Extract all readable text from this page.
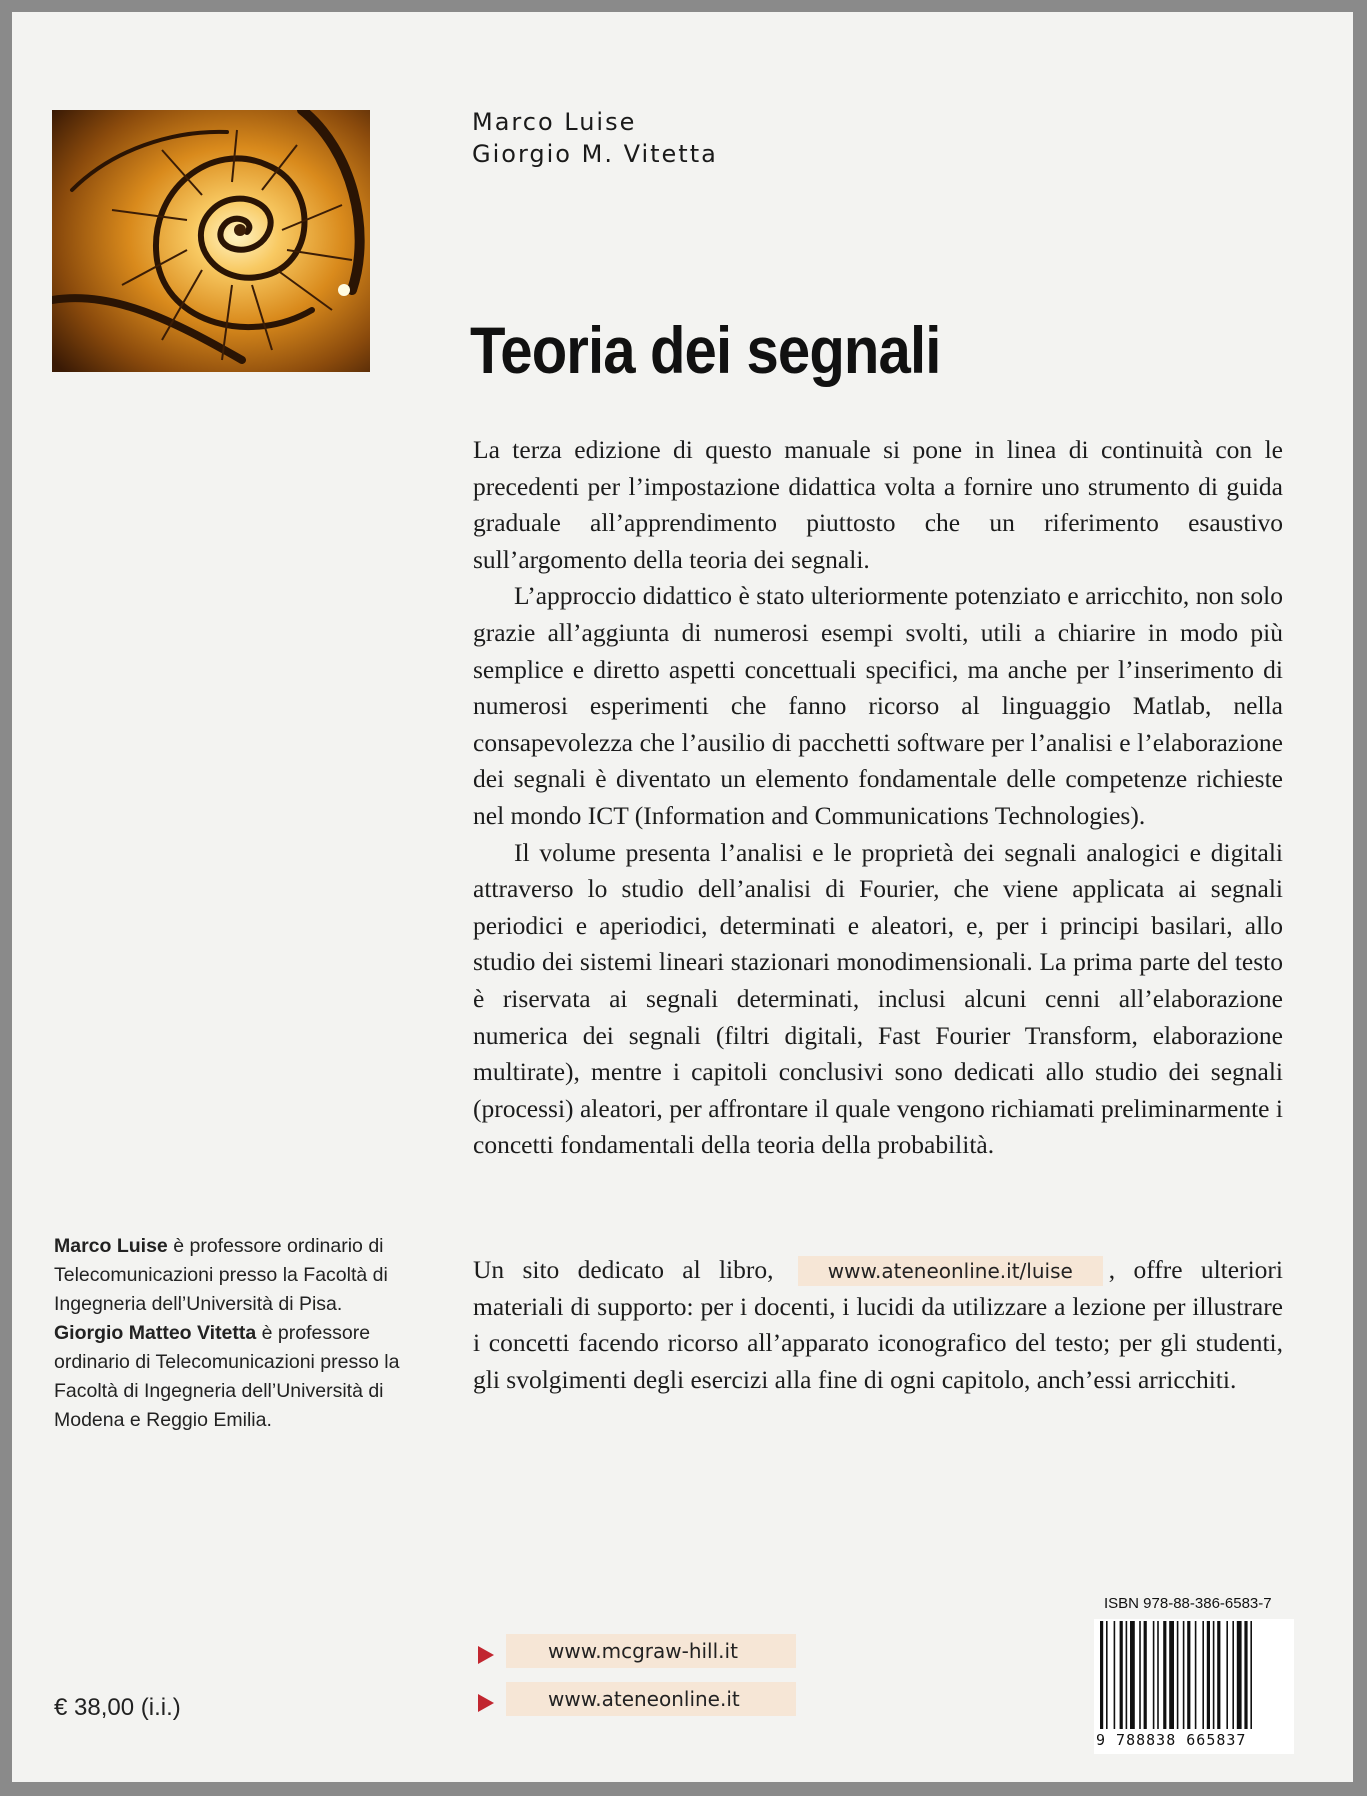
Marco Luise
Giorgio M. Vitetta
Teoria dei segnali

La terza edizione di questo manuale si pone in linea di continuità con le precedenti per l’impostazione didattica volta a fornire uno strumento di guida graduale all’apprendimento piuttosto che un riferimento esaustivo sull’argomento della teoria dei segnali.

L’approccio didattico è stato ulteriormente potenziato e arricchito, non solo grazie all’aggiunta di numerosi esempi svolti, utili a chiarire in modo più semplice e diretto aspetti concettuali specifici, ma anche per l’inserimento di numerosi esperimenti che fanno ricorso al linguaggio Matlab, nella consapevolezza che l’ausilio di pacchetti software per l’analisi e l’elaborazione dei segnali è diventato un elemento fondamentale delle competenze richieste nel mondo ICT (Information and Communications Technologies).

Il volume presenta l’analisi e le proprietà dei segnali analogici e digitali attraverso lo studio dell’analisi di Fourier, che viene applicata ai segnali periodici e aperiodici, determinati e aleatori, e, per i principi basilari, allo studio dei sistemi lineari stazionari monodimensionali. La prima parte del testo è riservata ai segnali determinati, inclusi alcuni cenni all’elaborazione numerica dei segnali (filtri digitali, Fast Fourier Transform, elaborazione multirate), mentre i capitoli conclusivi sono dedicati allo studio dei segnali (processi) aleatori, per affrontare il quale vengono richiamati preliminarmente i concetti fondamentali della teoria della probabilità.

Un sito dedicato al libro,	www.ateneonline.it/luise , offre ulteriori materiali di supporto: per i docenti, i lucidi da utilizzare a lezione per illustrare i concetti facendo ricorso all’apparato iconografico del testo; per gli studenti, gli svolgimenti degli esercizi alla fine di ogni capitolo, anch’essi arricchiti.

Marco Luise è professore ordinario di Telecomunicazioni presso la Facoltà di Ingegneria dell’Università di Pisa.

Giorgio Matteo Vitetta è professore ordinario di Telecomunicazioni presso la Facoltà di Ingegneria dell’Università di Modena e Reggio Emilia.

www.mcgraw-hill.it
www.ateneonline.it
€ 38,00 (i.i.)
ISBN 978-88-386-6583-7
9 788838 665837
